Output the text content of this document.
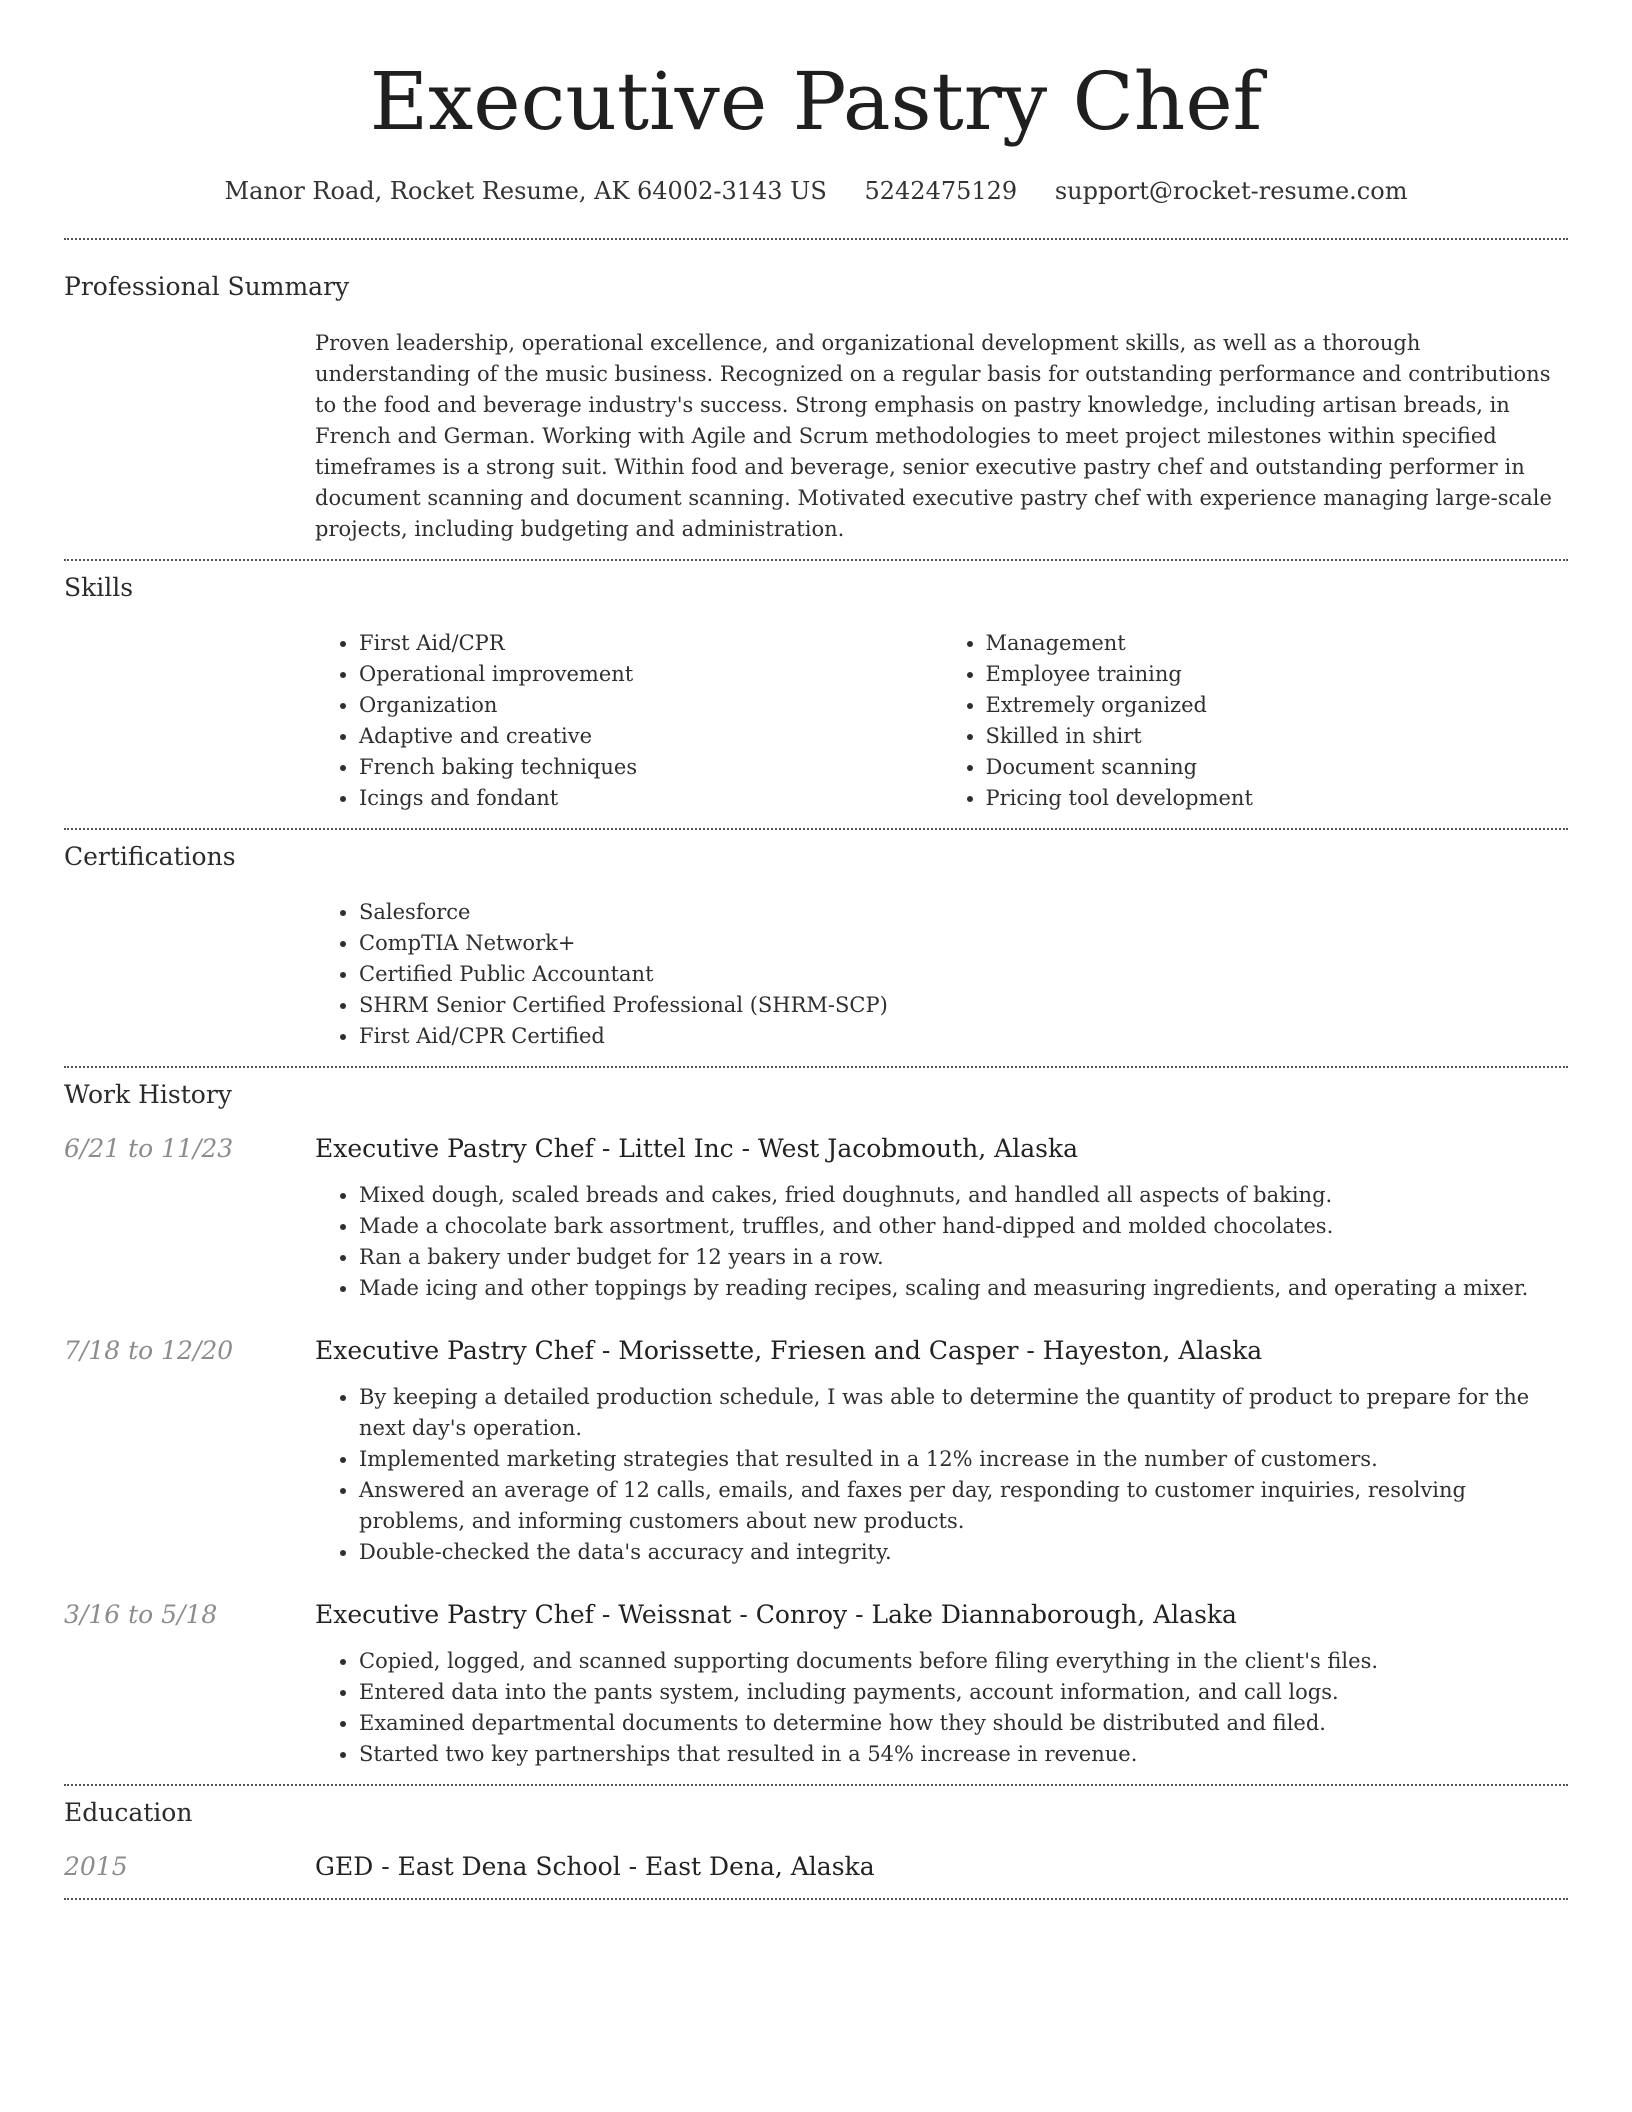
Executive Pastry Chef
Manor Road, Rocket Resume, AK 64002-3143 US 5242475129 support@rocket-resume.com
Professional Summary

Proven leadership, operational excellence, and organizational development skills, as well as a thorough understanding of the music business. Recognized on a regular basis for outstanding performance and contributions to the food and beverage industry's success. Strong emphasis on pastry knowledge, including artisan breads, in French and German. Working with Agile and Scrum methodologies to meet project milestones within specified timeframes is a strong suit. Within food and beverage, senior executive pastry chef and outstanding performer in document scanning and document scanning. Motivated executive pastry chef with experience managing large-scale projects, including budgeting and administration.

Skills
• First Aid/CPR
• Operational improvement
• Organization
• Adaptive and creative
• French baking techniques
• Icings and fondant
• Management
• Employee training
• Extremely organized
• Skilled in shirt
• Document scanning
• Pricing tool development
Certifications
• Salesforce
• CompTIA Network+
• Certified Public Accountant
• SHRM Senior Certified Professional (SHRM-SCP)
• First Aid/CPR Certified
Work History
6/21 to 11/23	Executive Pastry Chef - Littel Inc - West Jacobmouth, Alaska
• Mixed dough, scaled breads and cakes, fried doughnuts, and handled all aspects of baking.
• Made a chocolate bark assortment, truffles, and other hand-dipped and molded chocolates.
• Ran a bakery under budget for 12 years in a row.
• Made icing and other toppings by reading recipes, scaling and measuring ingredients, and operating a mixer.
7/18 to 12/20	Executive Pastry Chef - Morissette, Friesen and Casper - Hayeston, Alaska
• By keeping a detailed production schedule, I was able to determine the quantity of product to prepare for the next day's operation.
• Implemented marketing strategies that resulted in a 12% increase in the number of customers.
• Answered an average of 12 calls, emails, and faxes per day, responding to customer inquiries, resolving problems, and informing customers about new products.
• Double-checked the data's accuracy and integrity.
3/16 to 5/18	Executive Pastry Chef - Weissnat - Conroy - Lake Diannaborough, Alaska
• Copied, logged, and scanned supporting documents before filing everything in the client's files.
• Entered data into the pants system, including payments, account information, and call logs.
• Examined departmental documents to determine how they should be distributed and filed.
• Started two key partnerships that resulted in a 54% increase in revenue.
Education
2015	GED - East Dena School - East Dena, Alaska
